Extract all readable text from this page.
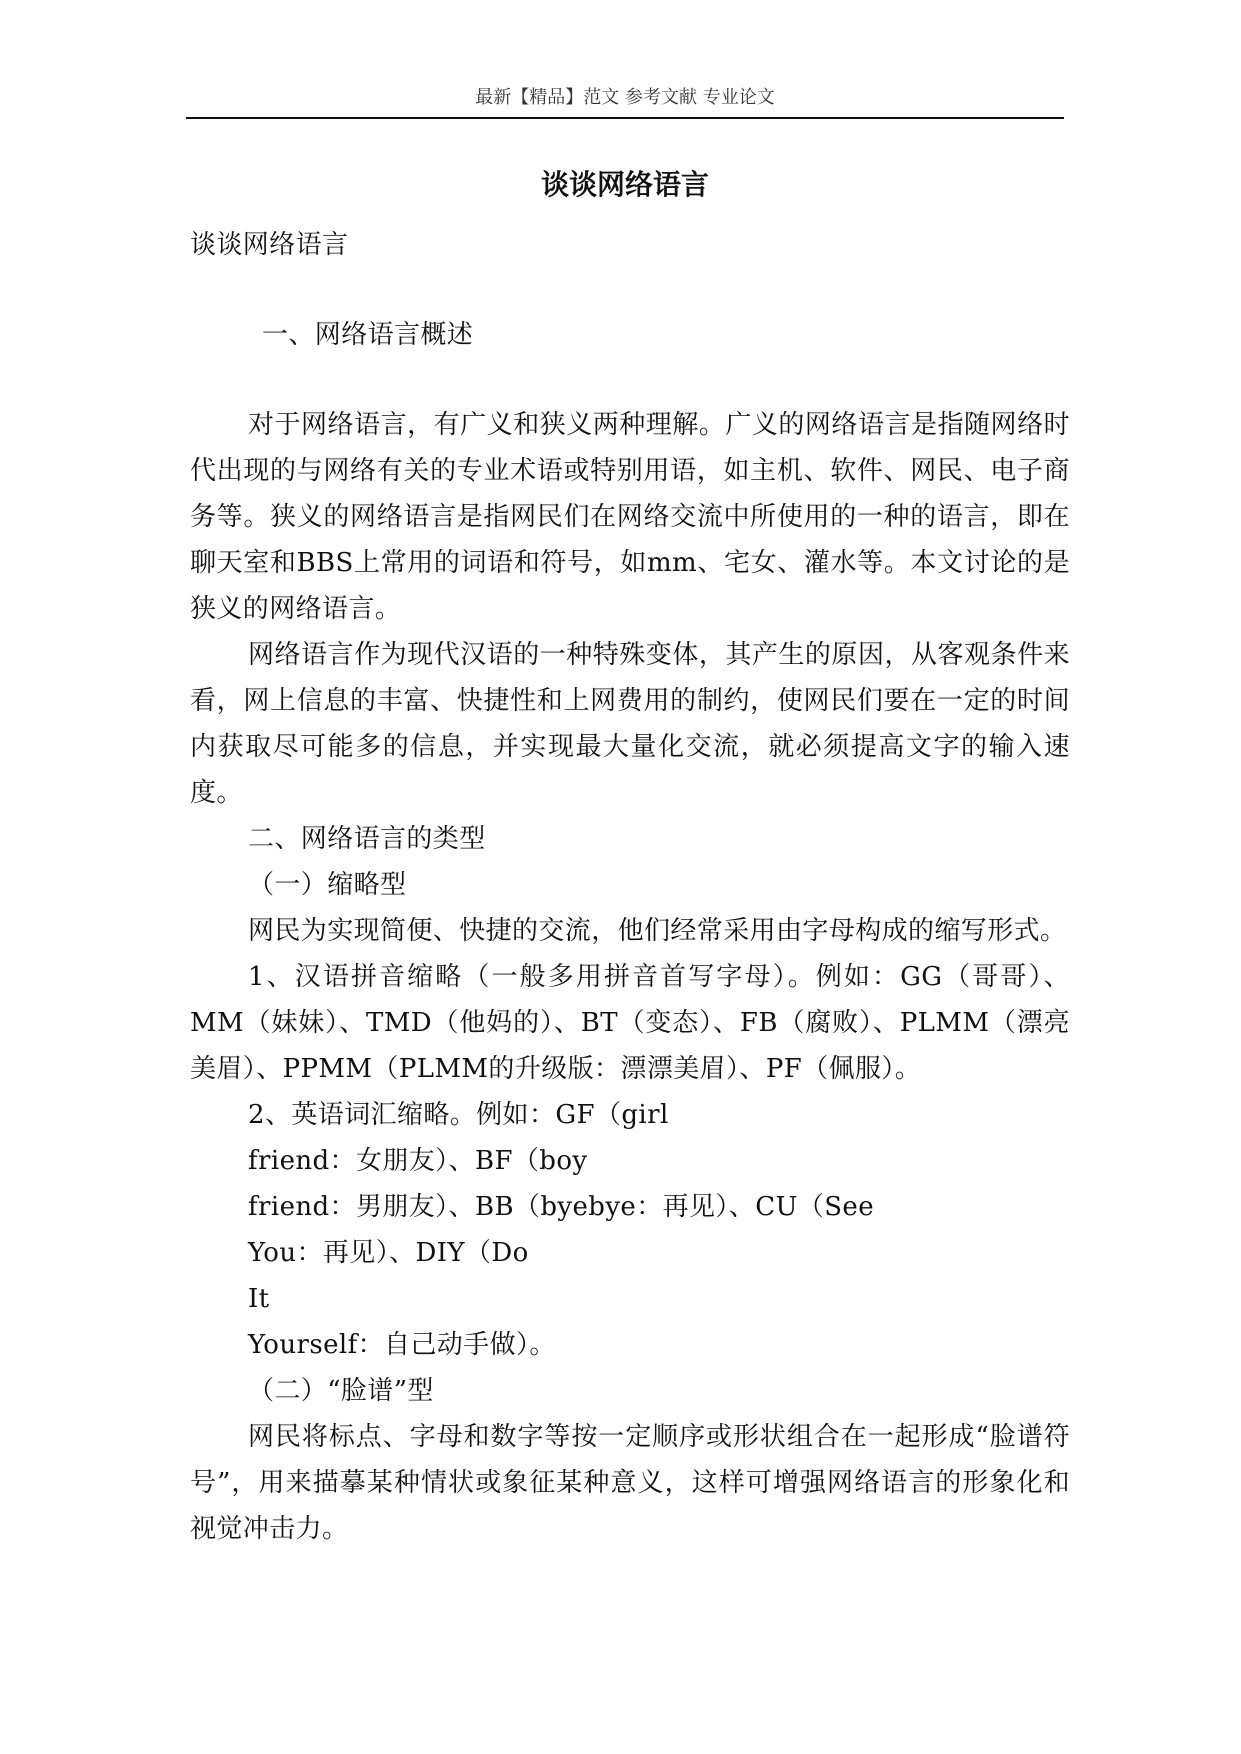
最新【精品】范文 参考文献 专业论文
谈谈网络语言

谈谈网络语言

一、网络语言概述

对于网络语言，有广义和狭义两种理解。广义的网络语言是指随网络时代出现的与网络有关的专业术语或特别用语，如主机、软件、网民、电子商务等。狭义的网络语言是指网民们在网络交流中所使用的一种的语言，即在聊天室和BBS上常用的词语和符号，如mm、宅女、灌水等。本文讨论的是狭义的网络语言。

网络语言作为现代汉语的一种特殊变体，其产生的原因，从客观条件来看，网上信息的丰富、快捷性和上网费用的制约，使网民们要在一定的时间内获取尽可能多的信息，并实现最大量化交流，就必须提高文字的输入速度。

二、网络语言的类型

（一）缩略型

网民为实现简便、快捷的交流，他们经常采用由字母构成的缩写形式。

1、汉语拼音缩略（一般多用拼音首写字母）。例如：GG（哥哥）、MM（妹妹）、TMD（他妈的）、BT（变态）、FB（腐败）、PLMM（漂亮美眉）、PPMM（PLMM的升级版：漂漂美眉）、PF（佩服）。

2、英语词汇缩略。例如：GF（girl

friend：女朋友）、BF（boy

friend：男朋友）、BB（byebye：再见）、CU（See

You：再见）、DIY（Do

It

Yourself：自己动手做）。

（二）“脸谱”型

网民将标点、字母和数字等按一定顺序或形状组合在一起形成“脸谱符号”，用来描摹某种情状或象征某种意义，这样可增强网络语言的形象化和视觉冲击力。
